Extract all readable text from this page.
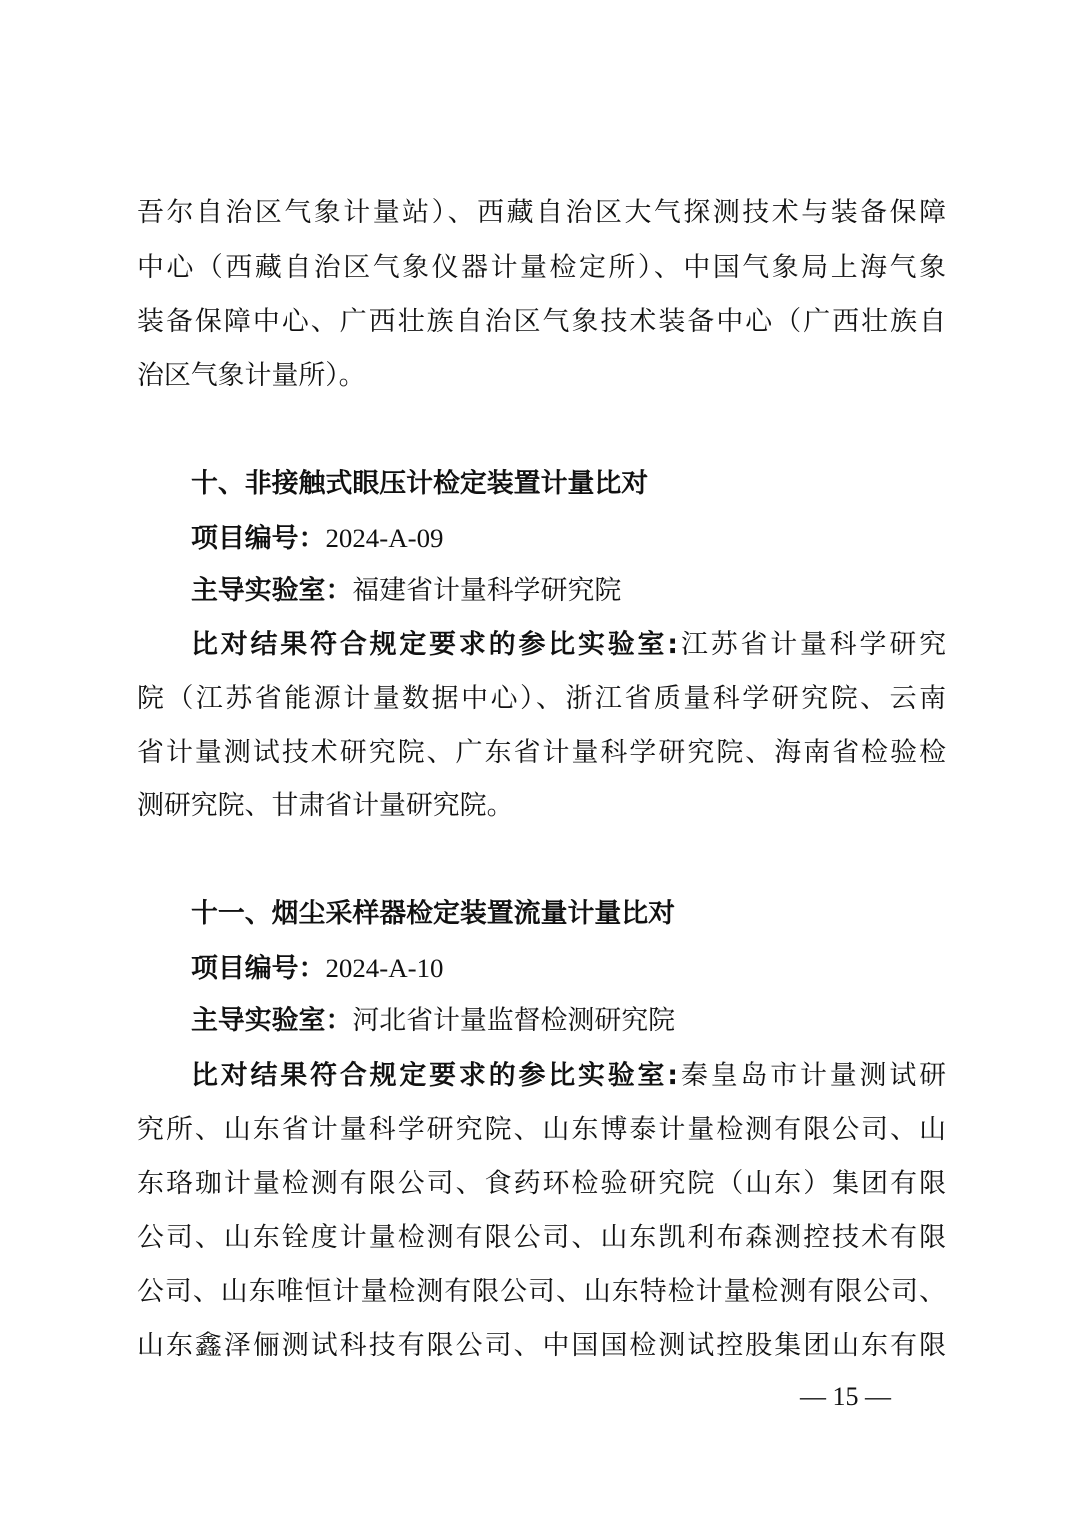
吾尔自治区气象计量站）、西藏自治区大气探测技术与装备保障
中心（西藏自治区气象仪器计量检定所）、中国气象局上海气象
装备保障中心、广西壮族自治区气象技术装备中心（广西壮族自
治区气象计量所）。
十、非接触式眼压计检定装置计量比对
项目编号：2024-A-09
主导实验室：福建省计量科学研究院
比对结果符合规定要求的参比实验室:江苏省计量科学研究
院（江苏省能源计量数据中心）、浙江省质量科学研究院、云南
省计量测试技术研究院、广东省计量科学研究院、海南省检验检
测研究院、甘肃省计量研究院。
十一、烟尘采样器检定装置流量计量比对
项目编号：2024-A-10
主导实验室：河北省计量监督检测研究院
比对结果符合规定要求的参比实验室:秦皇岛市计量测试研
究所、山东省计量科学研究院、山东博泰计量检测有限公司、山
东珞珈计量检测有限公司、食药环检验研究院（山东）集团有限
公司、山东铨度计量检测有限公司、山东凯利布森测控技术有限
公司、山东唯恒计量检测有限公司、山东特检计量检测有限公司、
山东鑫泽俪测试科技有限公司、中国国检测试控股集团山东有限
— 15 —
